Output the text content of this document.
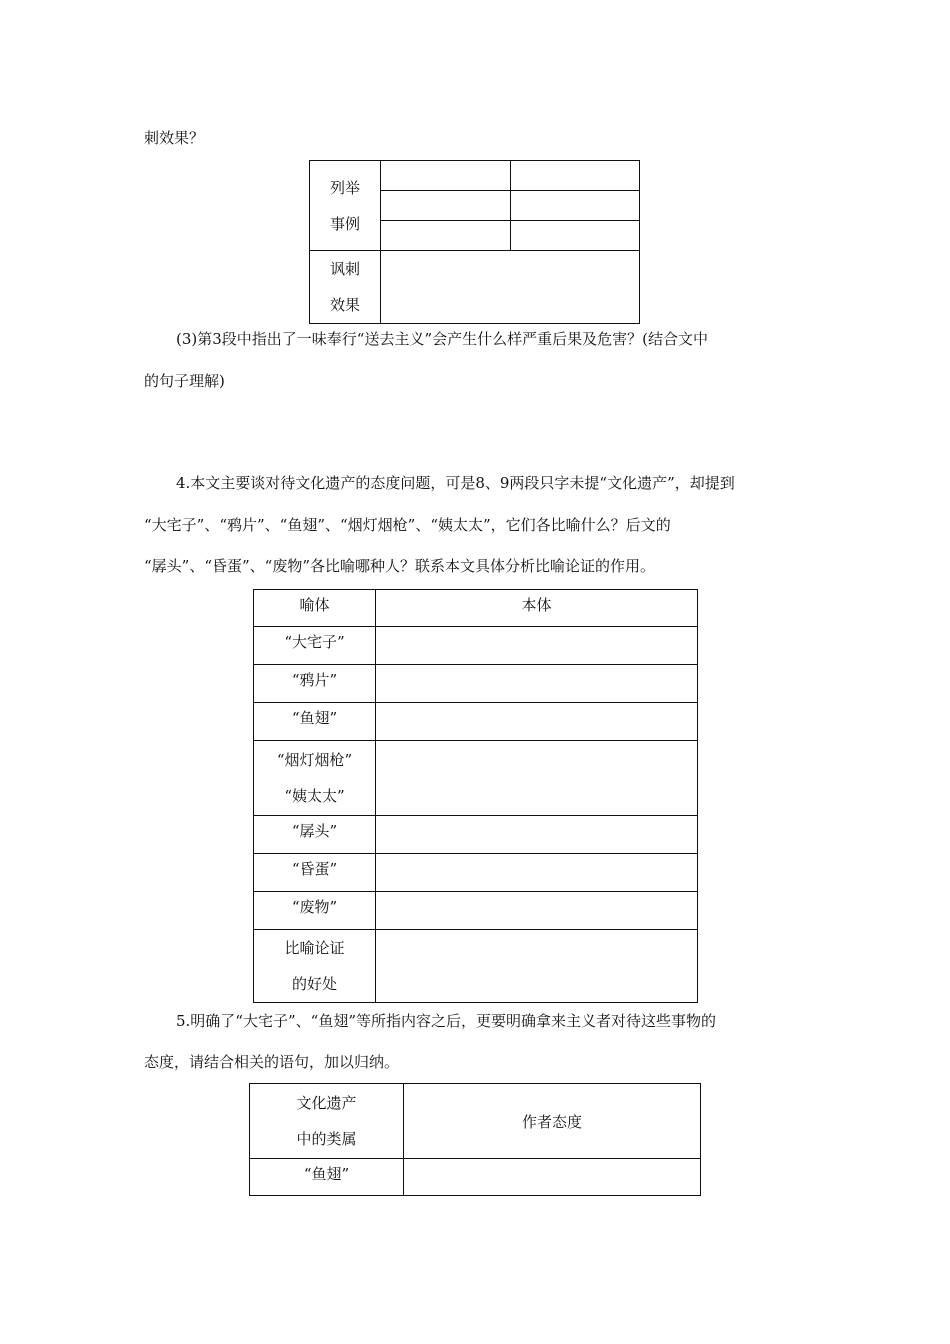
刺效果？
列举
事例		

讽刺
效果		

(3)第3段中指出了一味奉行“送去主义”会产生什么样严重后果及危害？(结合文中
的句子理解)
4.本文主要谈对待文化遗产的态度问题，可是8、9两段只字未提“文化遗产”，却提到
“大宅子”、“鸦片”、“鱼翅”、“烟灯烟枪”、“姨太太”，它们各比喻什么？后文的
“孱头”、“昏蛋”、“废物”各比喻哪种人？联系本文具体分析比喻论证的作用。
喻体	本体
“大宅子”	
“鸦片”	
“鱼翅”	

“烟灯烟枪”
“姨太太”	

“孱头”	
“昏蛋”	
“废物”	

比喻论证
的好处	

5.明确了“大宅子”、“鱼翅”等所指内容之后，更要明确拿来主义者对待这些事物的
态度，请结合相关的语句，加以归纳。
文化遗产
中的类属	作者态度
“鱼翅”	
